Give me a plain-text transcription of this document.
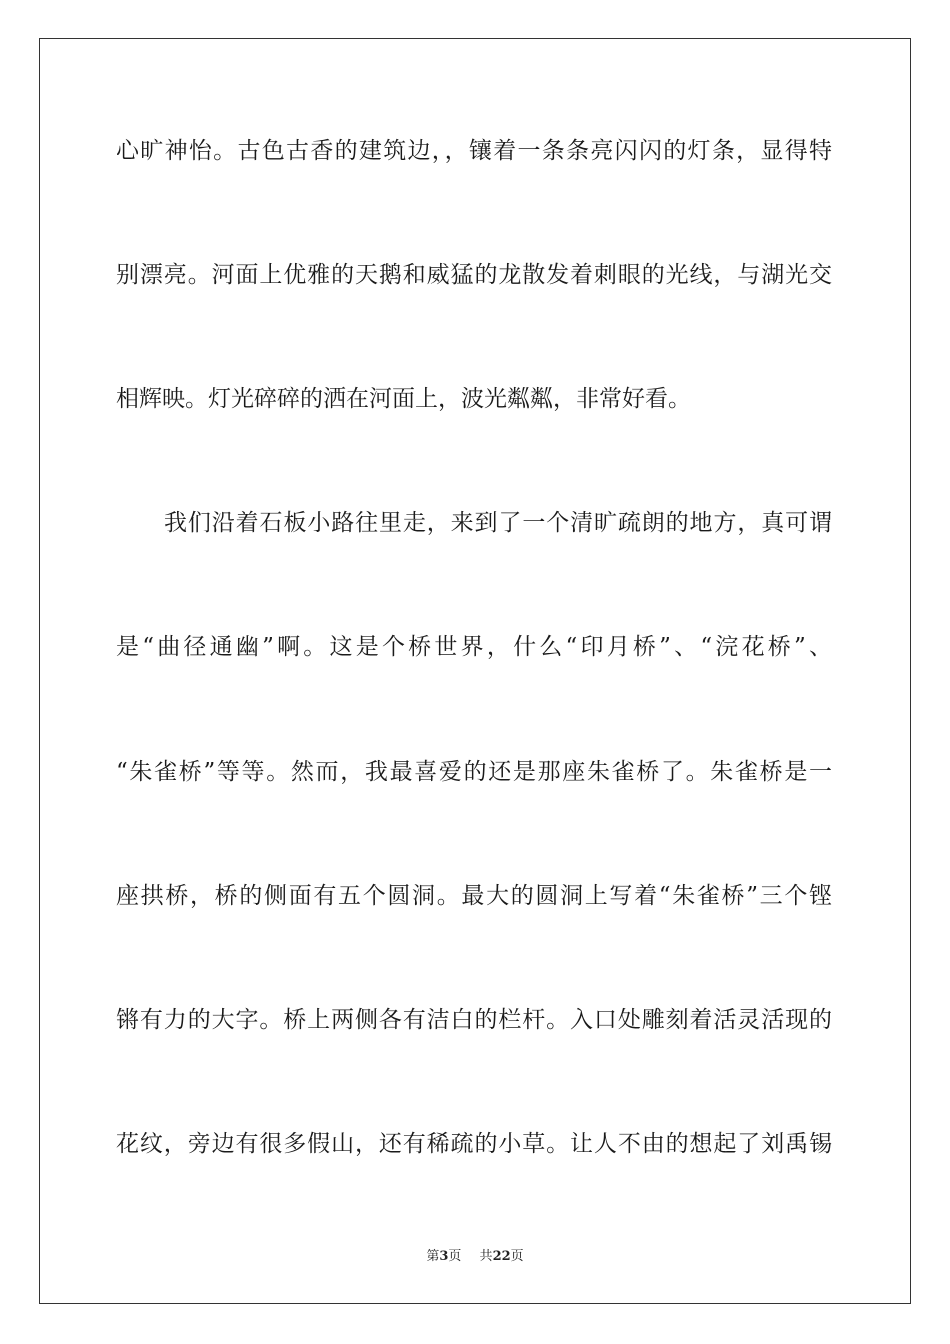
心旷神怡。古色古香的建筑边，，镶着一条条亮闪闪的灯条，显得特
别漂亮。河面上优雅的天鹅和威猛的龙散发着刺眼的光线，与湖光交
相辉映。灯光碎碎的洒在河面上，波光粼粼，非常好看。
我们沿着石板小路往里走，来到了一个清旷疏朗的地方，真可谓
是“曲径通幽”啊。这是个桥世界，什么“印月桥”、“浣花桥”、
“朱雀桥”等等。然而，我最喜爱的还是那座朱雀桥了。朱雀桥是一
座拱桥，桥的侧面有五个圆洞。最大的圆洞上写着“朱雀桥”三个铿
锵有力的大字。桥上两侧各有洁白的栏杆。入口处雕刻着活灵活现的
花纹，旁边有很多假山，还有稀疏的小草。让人不由的想起了刘禹锡
第3页 共22页
